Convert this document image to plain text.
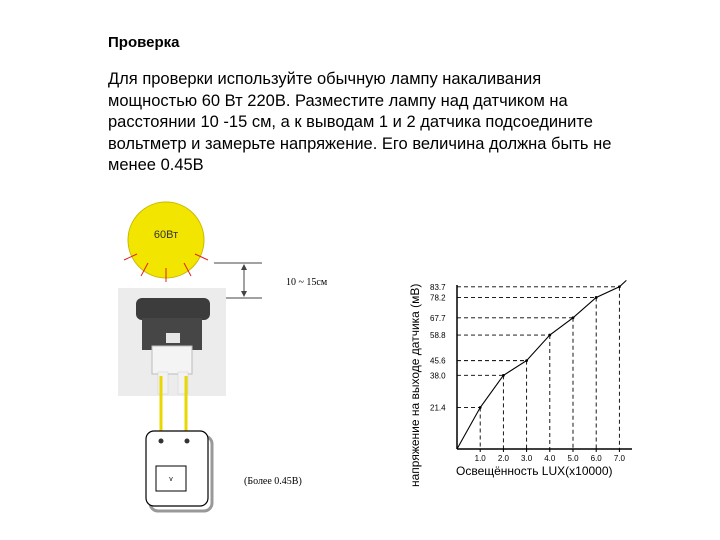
Проверка

Для проверки используйте обычную лампу накаливания мощностью 60 Вт 220В. Разместите лампу над датчиком на расстоянии 10 -15 см, а к выводам 1 и 2 датчика подсоедините вольтметр и замерьте напряжение. Его величина должна быть не менее 0.45В

60Вт
10 ~ 15см
v	(Более 0.45В)	напряжение на выходе датчика (мВ)	Освещённость LUX(x10000)
1.0
21.4
2.0
38.0
3.0
45.6
4.0
58.8
5.0
67.7
6.0
78.2
7.0
83.7
